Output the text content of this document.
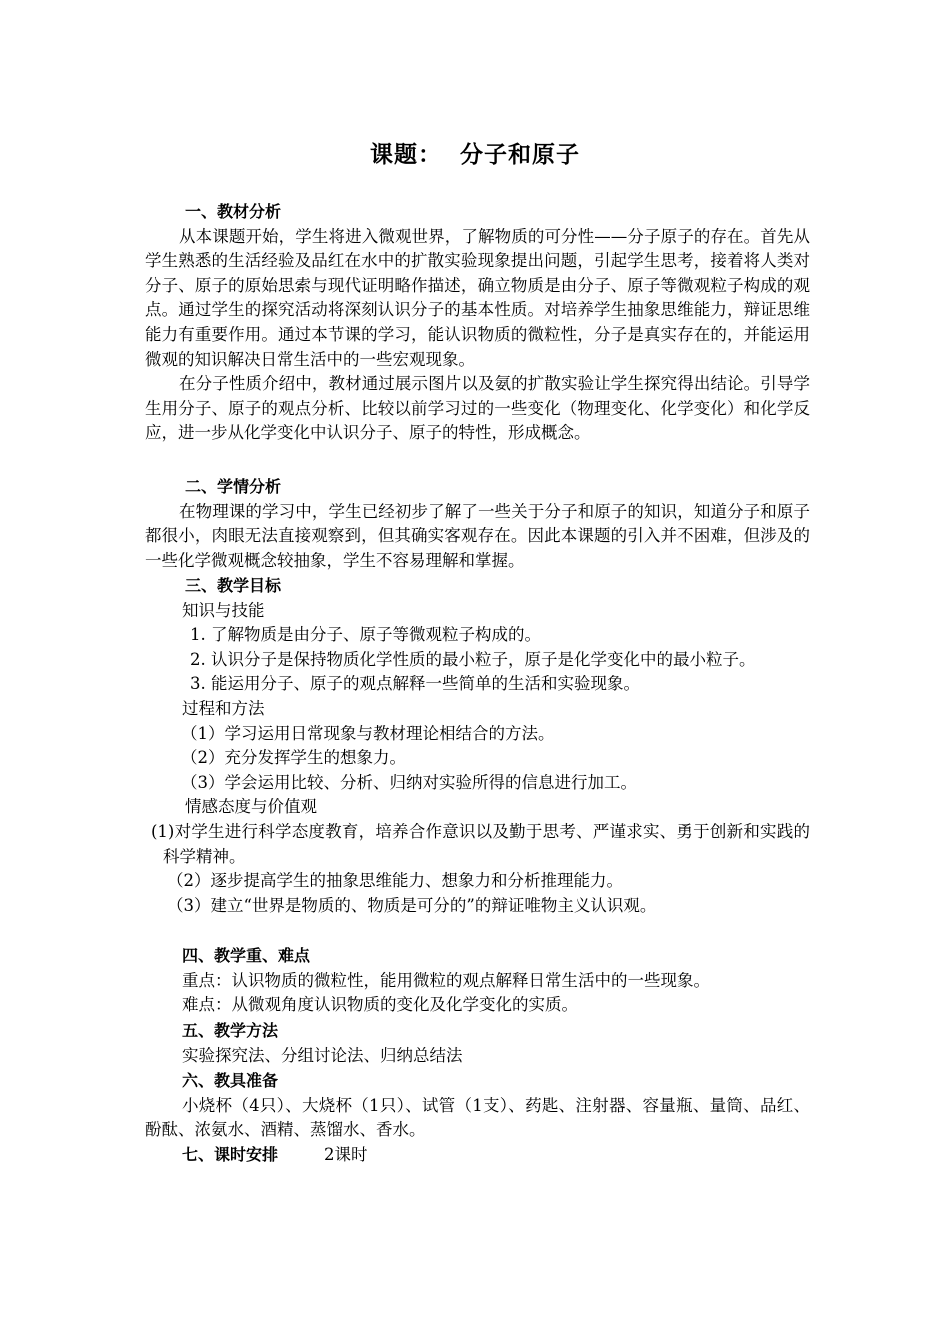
课题：  分子和原子
一、教材分析
从本课题开始，学生将进入微观世界，了解物质的可分性——分子原子的存在。首先从学生熟悉的生活经验及品红在水中的扩散实验现象提出问题，引起学生思考，接着将人类对分子、原子的原始思索与现代证明略作描述，确立物质是由分子、原子等微观粒子构成的观点。通过学生的探究活动将深刻认识分子的基本性质。对培养学生抽象思维能力，辩证思维能力有重要作用。通过本节课的学习，能认识物质的微粒性，分子是真实存在的，并能运用微观的知识解决日常生活中的一些宏观现象。
在分子性质介绍中，教材通过展示图片以及氨的扩散实验让学生探究得出结论。引导学生用分子、原子的观点分析、比较以前学习过的一些变化（物理变化、化学变化）和化学反应，进一步从化学变化中认识分子、原子的特性，形成概念。
二、学情分析
在物理课的学习中，学生已经初步了解了一些关于分子和原子的知识，知道分子和原子都很小，肉眼无法直接观察到，但其确实客观存在。因此本课题的引入并不困难，但涉及的一些化学微观概念较抽象，学生不容易理解和掌握。
三、教学目标
知识与技能
1. 了解物质是由分子、原子等微观粒子构成的。
2. 认识分子是保持物质化学性质的最小粒子，原子是化学变化中的最小粒子。
3. 能运用分子、原子的观点解释一些简单的生活和实验现象。
过程和方法
（1）学习运用日常现象与教材理论相结合的方法。
（2）充分发挥学生的想象力。
（3）学会运用比较、分析、归纳对实验所得的信息进行加工。
情感态度与价值观
(1)对学生进行科学态度教育，培养合作意识以及勤于思考、严谨求实、勇于创新和实践的科学精神。
（2）逐步提高学生的抽象思维能力、想象力和分析推理能力。
（3）建立“世界是物质的、物质是可分的”的辩证唯物主义认识观。
四、教学重、难点
重点：认识物质的微粒性，能用微粒的观点解释日常生活中的一些现象。
难点：从微观角度认识物质的变化及化学变化的实质。
五、教学方法
实验探究法、分组讨论法、归纳总结法
六、教具准备
小烧杯（4只）、大烧杯（1只）、试管（1支）、药匙、注射器、容量瓶、量筒、品红、酚酞、浓氨水、酒精、蒸馏水、香水。
七、课时安排	2课时
